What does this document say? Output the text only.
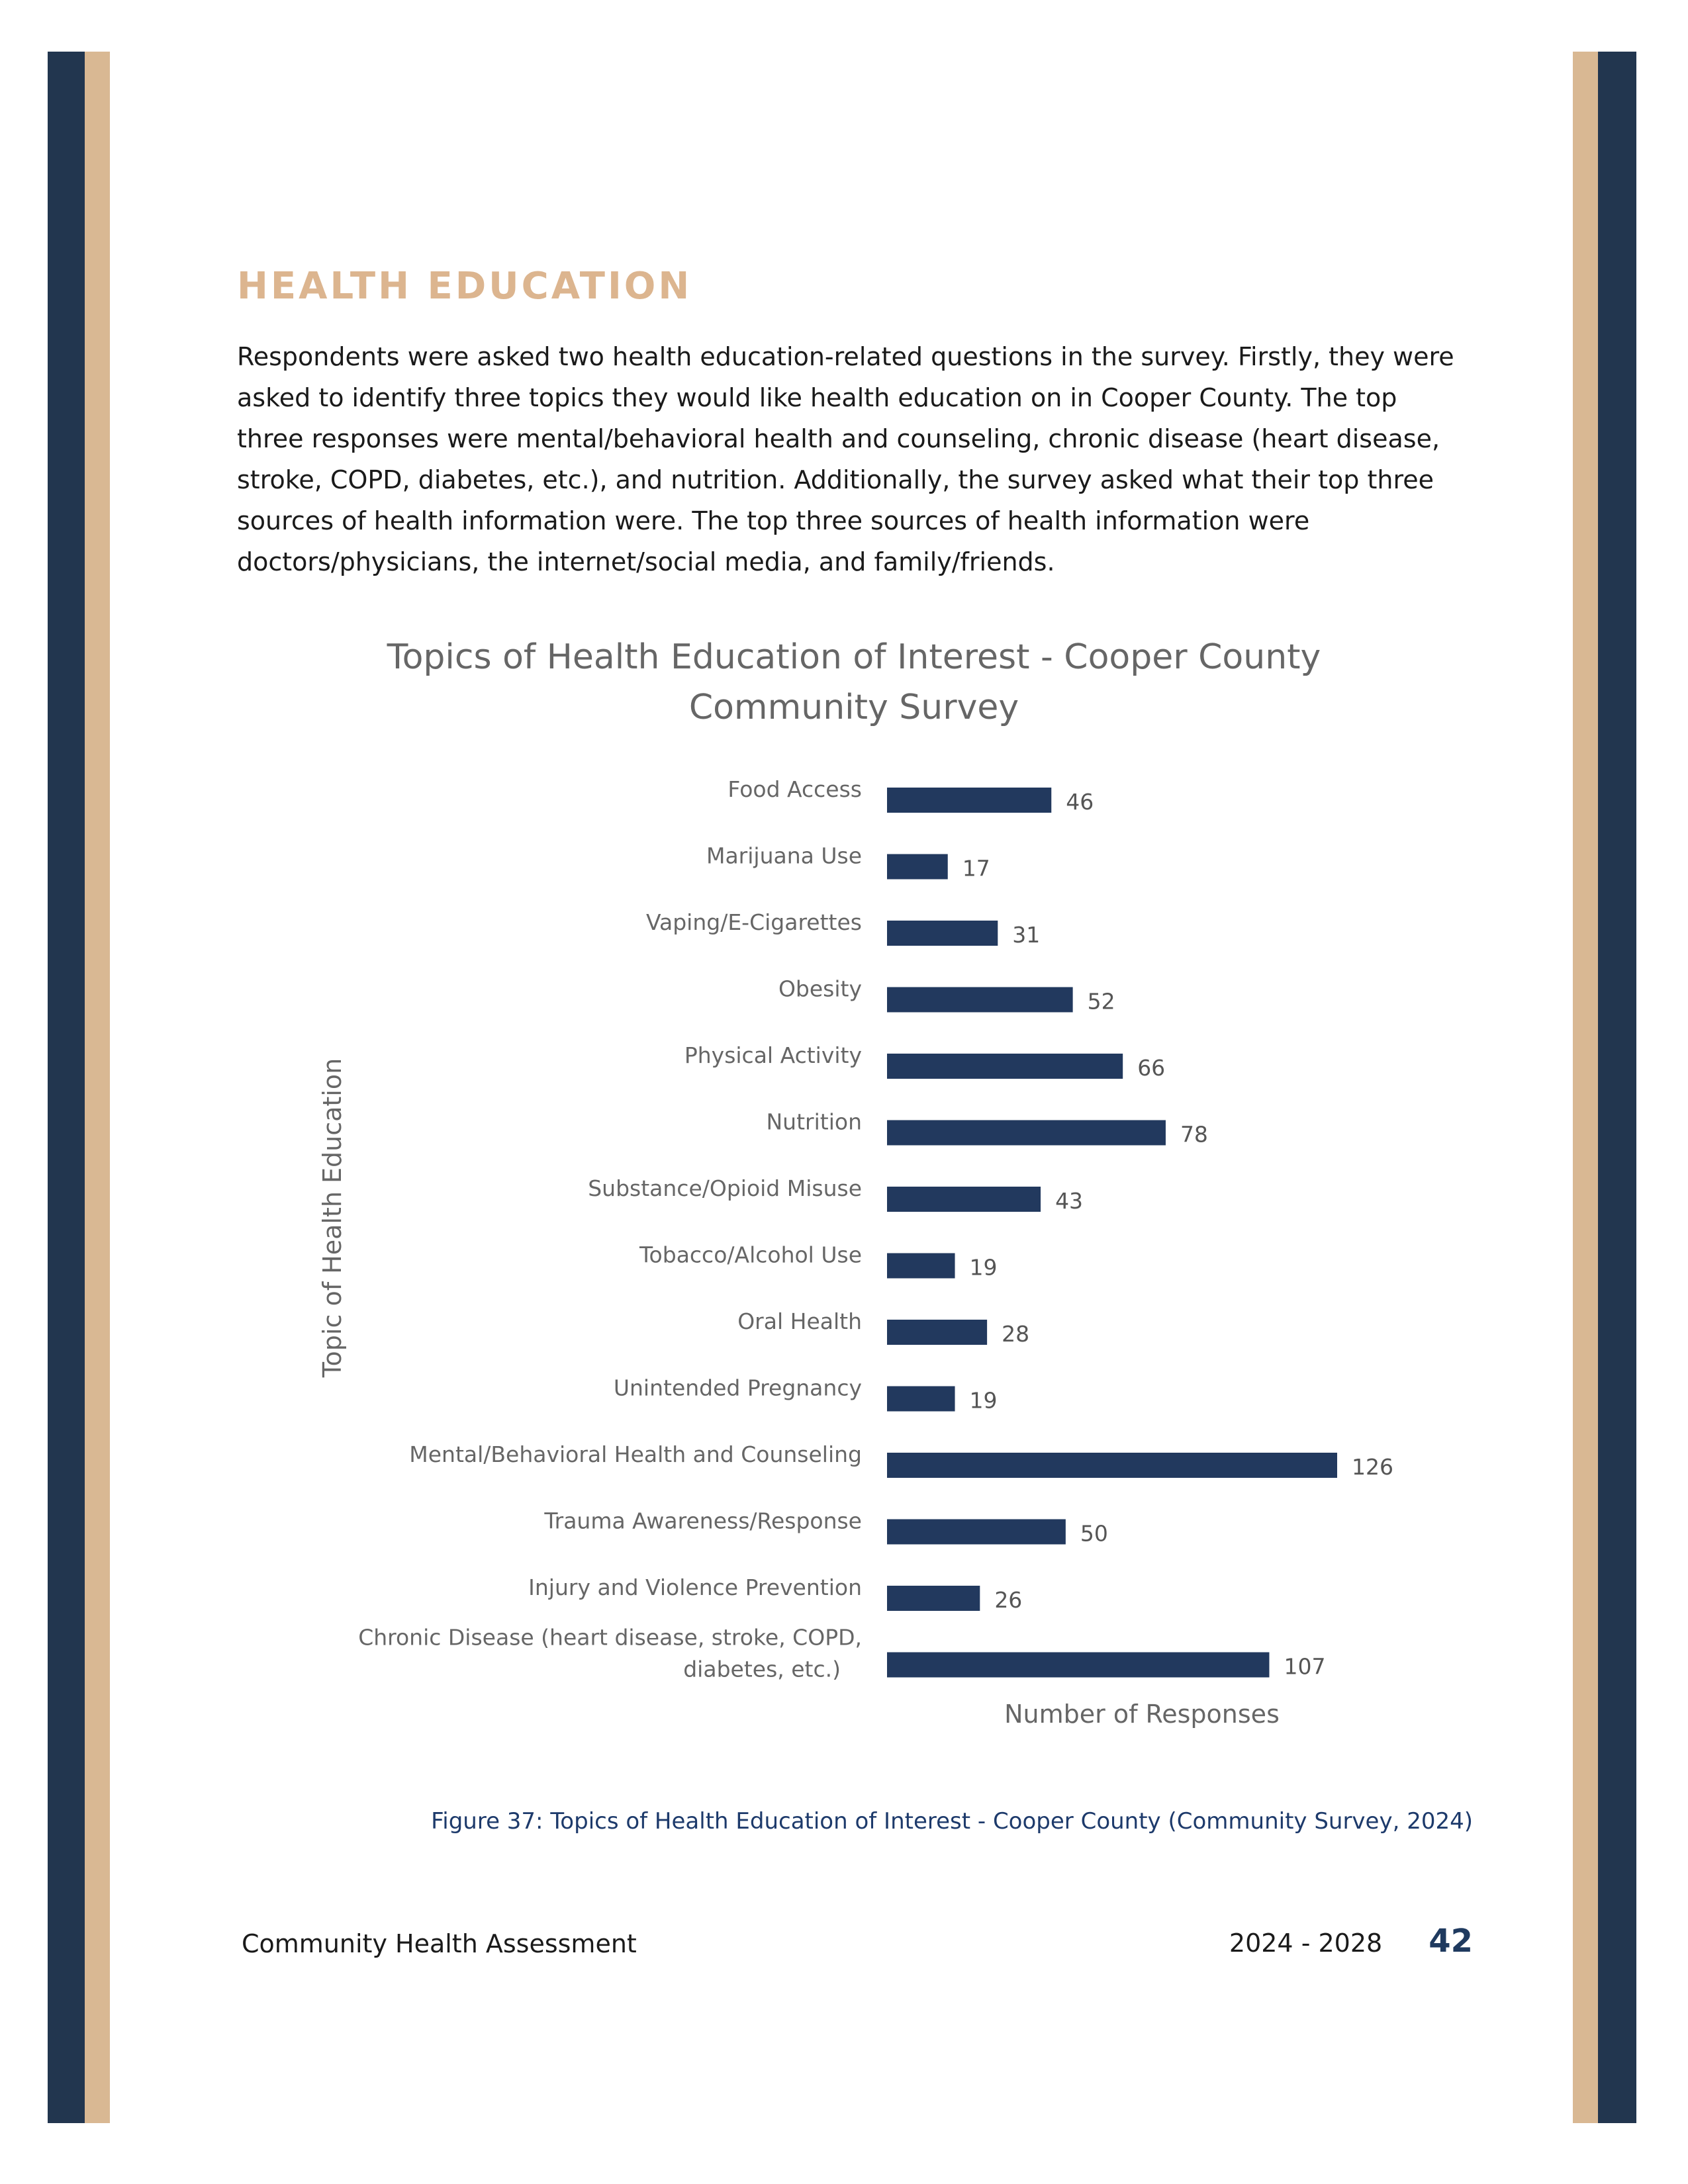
HEALTH EDUCATION
Respondents were asked two health education-related questions in the survey. Firstly, they were asked to identify three topics they would like health education on in Cooper County. The top three responses were mental/behavioral health and counseling, chronic disease (heart disease, stroke, COPD, diabetes, etc.), and nutrition. Additionally, the survey asked what their top three sources of health information were. The top three sources of health information were doctors/physicians, the internet/social media, and family/friends.
Topics of Health Education of Interest - Cooper County Community Survey
Food Access	46
Marijuana Use	17
Vaping/E-Cigarettes	31
Obesity	52
Physical Activity	66
Nutrition	78
Substance/Opioid Misuse	43
Tobacco/Alcohol Use	19
Oral Health	28
Unintended Pregnancy	19
Mental/Behavioral Health and Counseling	126
Trauma Awareness/Response	50
Injury and Violence Prevention	26
Chronic Disease (heart disease, stroke, COPD, diabetes, etc.)	107
Number of Responses
Topic of Health Education
Figure 37: Topics of Health Education of Interest - Cooper County (Community Survey, 2024)
Community Health Assessment	2024 - 2028 42
